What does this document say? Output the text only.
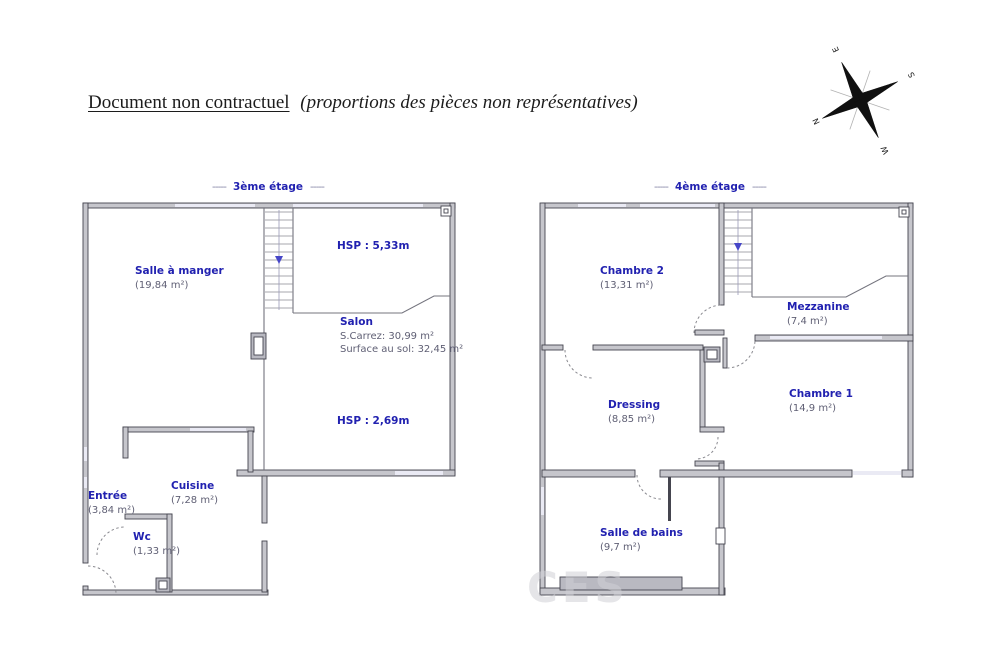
CES
N
E
S
W
Document non contractuel (proportions des pièces non représentatives)
----- 3ème étage -----	----- 4ème étage -----
Salle à manger
(19,84 m²)
HSP : 5,33m
Salon
S.Carrez: 30,99 m²
Surface au sol: 32,45 m²
HSP : 2,69m
Cuisine
(7,28 m²)
Entrée
(3,84 m²)
Wc
(1,33 m²)
Chambre 2
(13,31 m²)
Mezzanine
(7,4 m²)
Chambre 1
(14,9 m²)
Dressing
(8,85 m²)
Salle de bains
(9,7 m²)
